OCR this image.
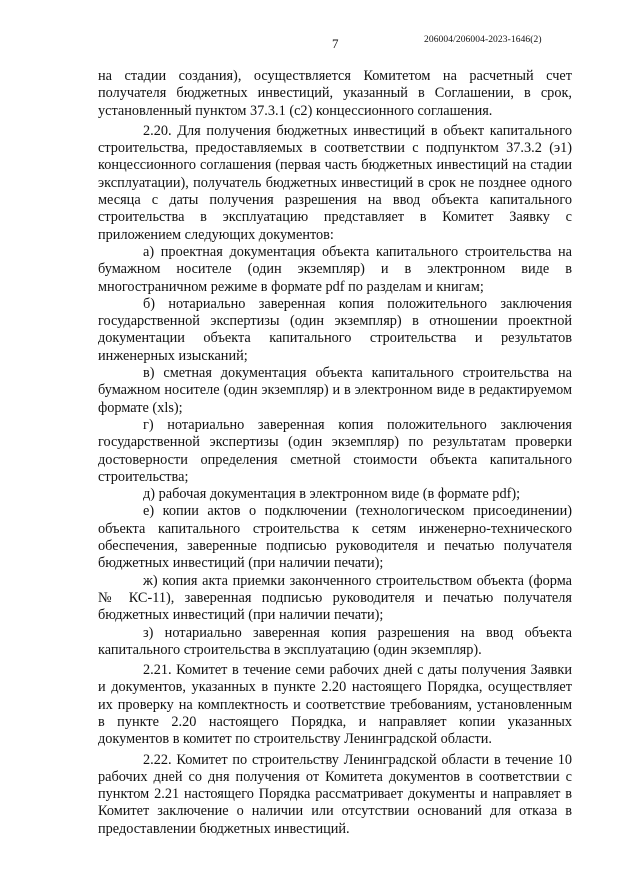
7	206004/206004-2023-1646(2)

на стадии создания), осуществляется Комитетом на расчетный счет получателя бюджетных инвестиций, указанный в Соглашении, в срок, установленный пунктом 37.3.1 (с2) концессионного соглашения.

2.20. Для получения бюджетных инвестиций в объект капитального строительства, предоставляемых в соответствии с подпунктом 37.3.2 (э1) концессионного соглашения (первая часть бюджетных инвестиций на стадии эксплуатации), получатель бюджетных инвестиций в срок не позднее одного месяца с даты получения разрешения на ввод объекта капитального строительства в эксплуатацию представляет в Комитет Заявку с приложением следующих документов:

а) проектная документация объекта капитального строительства на бумажном носителе (один экземпляр) и в электронном виде в многостраничном режиме в формате pdf по разделам и книгам;

б) нотариально заверенная копия положительного заключения государственной экспертизы (один экземпляр) в отношении проектной документации объекта капитального строительства и результатов инженерных изысканий;

в) сметная документация объекта капитального строительства на бумажном носителе (один экземпляр) и в электронном виде в редактируемом формате (xls);

г) нотариально заверенная копия положительного заключения государственной экспертизы (один экземпляр) по результатам проверки достоверности определения сметной стоимости объекта капитального строительства;

д) рабочая документация в электронном виде (в формате pdf);

е) копии актов о подключении (технологическом присоединении) объекта капитального строительства к сетям инженерно-технического обеспечения, заверенные подписью руководителя и печатью получателя бюджетных инвестиций (при наличии печати);

ж) копия акта приемки законченного строительством объекта (форма № КС-11), заверенная подписью руководителя и печатью получателя бюджетных инвестиций (при наличии печати);

з) нотариально заверенная копия разрешения на ввод объекта капитального строительства в эксплуатацию (один экземпляр).

2.21. Комитет в течение семи рабочих дней с даты получения Заявки и документов, указанных в пункте 2.20 настоящего Порядка, осуществляет их проверку на комплектность и соответствие требованиям, установленным в пункте 2.20 настоящего Порядка, и направляет копии указанных документов в комитет по строительству Ленинградской области.

2.22. Комитет по строительству Ленинградской области в течение 10 рабочих дней со дня получения от Комитета документов в соответствии с пунктом 2.21 настоящего Порядка рассматривает документы и направляет в Комитет заключение о наличии или отсутствии оснований для отказа в предоставлении бюджетных инвестиций.
